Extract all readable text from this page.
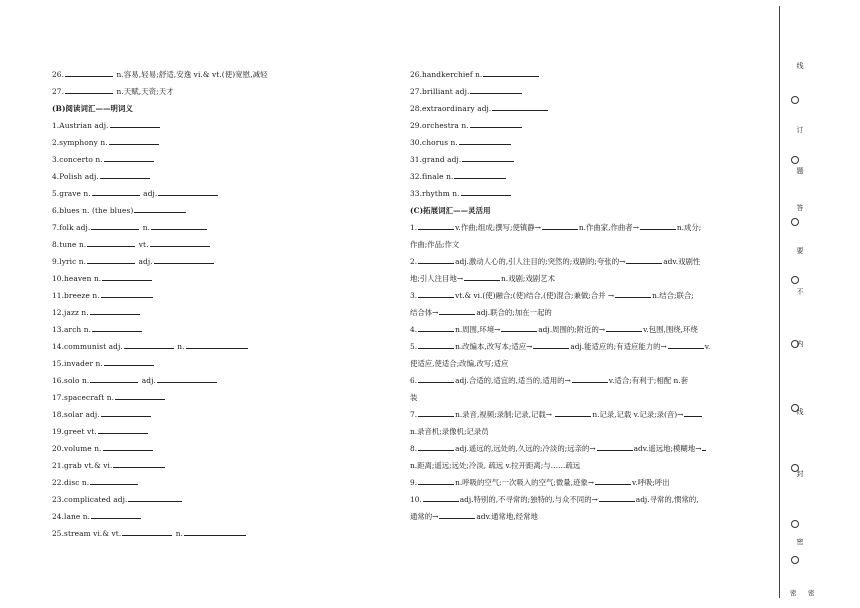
26.	n.容易,轻易;舒适,安逸 vi.& vt.(使)宽慰,减轻
27.	n.天赋,天资;天才
(B)阅读词汇——明词义
1.Austrian adj.
2.symphony n.
3.concerto n.
4.Polish adj.
5.grave n.	adj.
6.blues n. (the blues)
7.folk adj.	n.
8.tune n.	vt.
9.lyric n.	adj.
10.heaven n.
11.breeze n.
12.jazz n.
13.arch n.
14.communist adj.	n.
15.invader n.
16.solo n.	adj.
17.spacecraft n.
18.solar adj.
19.greet vt.
20.volume n.
21.grab vt.& vi.
22.disc n.
23.complicated adj.
24.lane n.
25.stream vi.& vt.	n.
26.handkerchief n.
27.brilliant adj.
28.extraordinary adj.
29.orchestra n.
30.chorus n.
31.grand adj.
32.finale n.
33.rhythm n.
(C)拓展词汇——灵活用
1.	v.作曲;组成;撰写;使镇静→	n.作曲家,作曲者→	n.成分;
作曲;作品;作文
2.	adj.激动人心的,引人注目的;突然的;戏剧的;夸张的→	adv.戏剧性
地;引人注目地→	n.戏剧;戏剧艺术
3.	vt.& vi.(使)融合;(使)结合,(使)混合;兼做;合并 →	n.结合;联合;
结合体→	adj.联合的;加在一起的
4.	n.周围,环境→	adj.周围的;附近的→	v.包围,围绕,环绕
5.	n.改编本,改写本;适应→	adj.能适应的;有适应能力的→	v.
使适应,使适合;改编,改写;适应
6.	adj.合适的,适宜的,适当的,适用的→	v.适合;有利于;相配 n.套
装
7.	n.录音,视频;录制;记录,记载→	n.记录,记载 v.记录;录(音)→
n.录音机;录像机;记录员
8.	adj.遥远的,远处的,久远的;冷淡的;远亲的→	adv.遥远地;模糊地→
n.距离;遥远;远处;冷淡, 疏远 v.拉开距离;与……疏远
9.	n.呼吸的空气;一次吸入的空气;微量,迹象→	v.呼吸;呼出
10.	adj.特别的,不寻常的;独特的,与众不同的→	adj.寻常的,惯常的,
通常的→	adv.通常地,经常地
线
订
题
答
要
不
内
线
封
密
密 密
